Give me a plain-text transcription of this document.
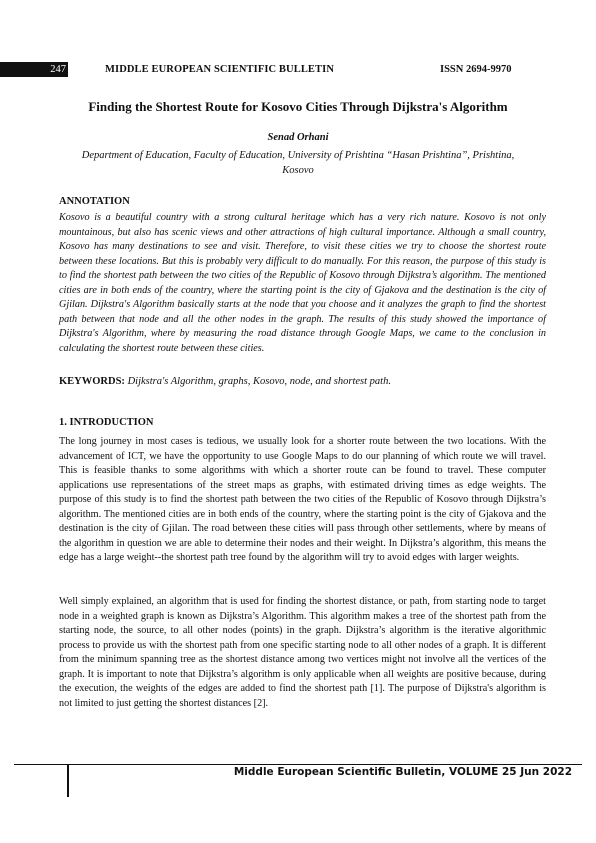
247	MIDDLE EUROPEAN SCIENTIFIC BULLETIN	ISSN 2694-9970
Finding the Shortest Route for Kosovo Cities Through Dijkstra's Algorithm
Senad Orhani
Department of Education, Faculty of Education, University of Prishtina “Hasan Prishtina”, Prishtina, Kosovo
ANNOTATION

Kosovo is a beautiful country with a strong cultural heritage which has a very rich nature. Kosovo is not only mountainous, but also has scenic views and other attractions of high cultural importance. Although a small country, Kosovo has many destinations to see and visit. Therefore, to visit these cities we try to choose the shortest route between these locations. But this is probably very difficult to do manually. For this reason, the purpose of this study is to find the shortest path between the two cities of the Republic of Kosovo through Dijkstra’s algorithm. The mentioned cities are in both ends of the country, where the starting point is the city of Gjakova and the destination is the city of Gjilan. Dijkstra's Algorithm basically starts at the node that you choose and it analyzes the graph to find the shortest path between that node and all the other nodes in the graph. The results of this study showed the importance of Dijkstra's Algorithm, where by measuring the road distance through Google Maps, we came to the conclusion in calculating the shortest route between these cities.

KEYWORDS: Dijkstra's Algorithm, graphs, Kosovo, node, and shortest path.
1. INTRODUCTION

The long journey in most cases is tedious, we usually look for a shorter route between the two locations. With the advancement of ICT, we have the opportunity to use Google Maps to do our planning of which route we will travel. This is feasible thanks to some algorithms with which a shorter route can be found to travel. These computer applications use representations of the street maps as graphs, with estimated driving times as edge weights. The purpose of this study is to find the shortest path between the two cities of the Republic of Kosovo through Dijkstra’s algorithm. The mentioned cities are in both ends of the country, where the starting point is the city of Gjakova and the destination is the city of Gjilan. The road between these cities will pass through other settlements, where by means of the algorithm in question we are able to determine their nodes and their weight. In Dijkstra’s algorithm, this means the edge has a large weight--the shortest path tree found by the algorithm will try to avoid edges with larger weights.

Well simply explained, an algorithm that is used for finding the shortest distance, or path, from starting node to target node in a weighted graph is known as Dijkstra’s Algorithm. This algorithm makes a tree of the shortest path from the starting node, the source, to all other nodes (points) in the graph. Dijkstra’s algorithm is the iterative algorithmic process to provide us with the shortest path from one specific starting node to all other nodes of a graph. It is different from the minimum spanning tree as the shortest distance among two vertices might not involve all the vertices of the graph. It is important to note that Dijkstra’s algorithm is only applicable when all weights are positive because, during the execution, the weights of the edges are added to find the shortest path [1]. The purpose of Dijkstra's algorithm is not limited to just getting the shortest distances [2].

Middle European Scientific Bulletin, VOLUME 25 Jun 2022
